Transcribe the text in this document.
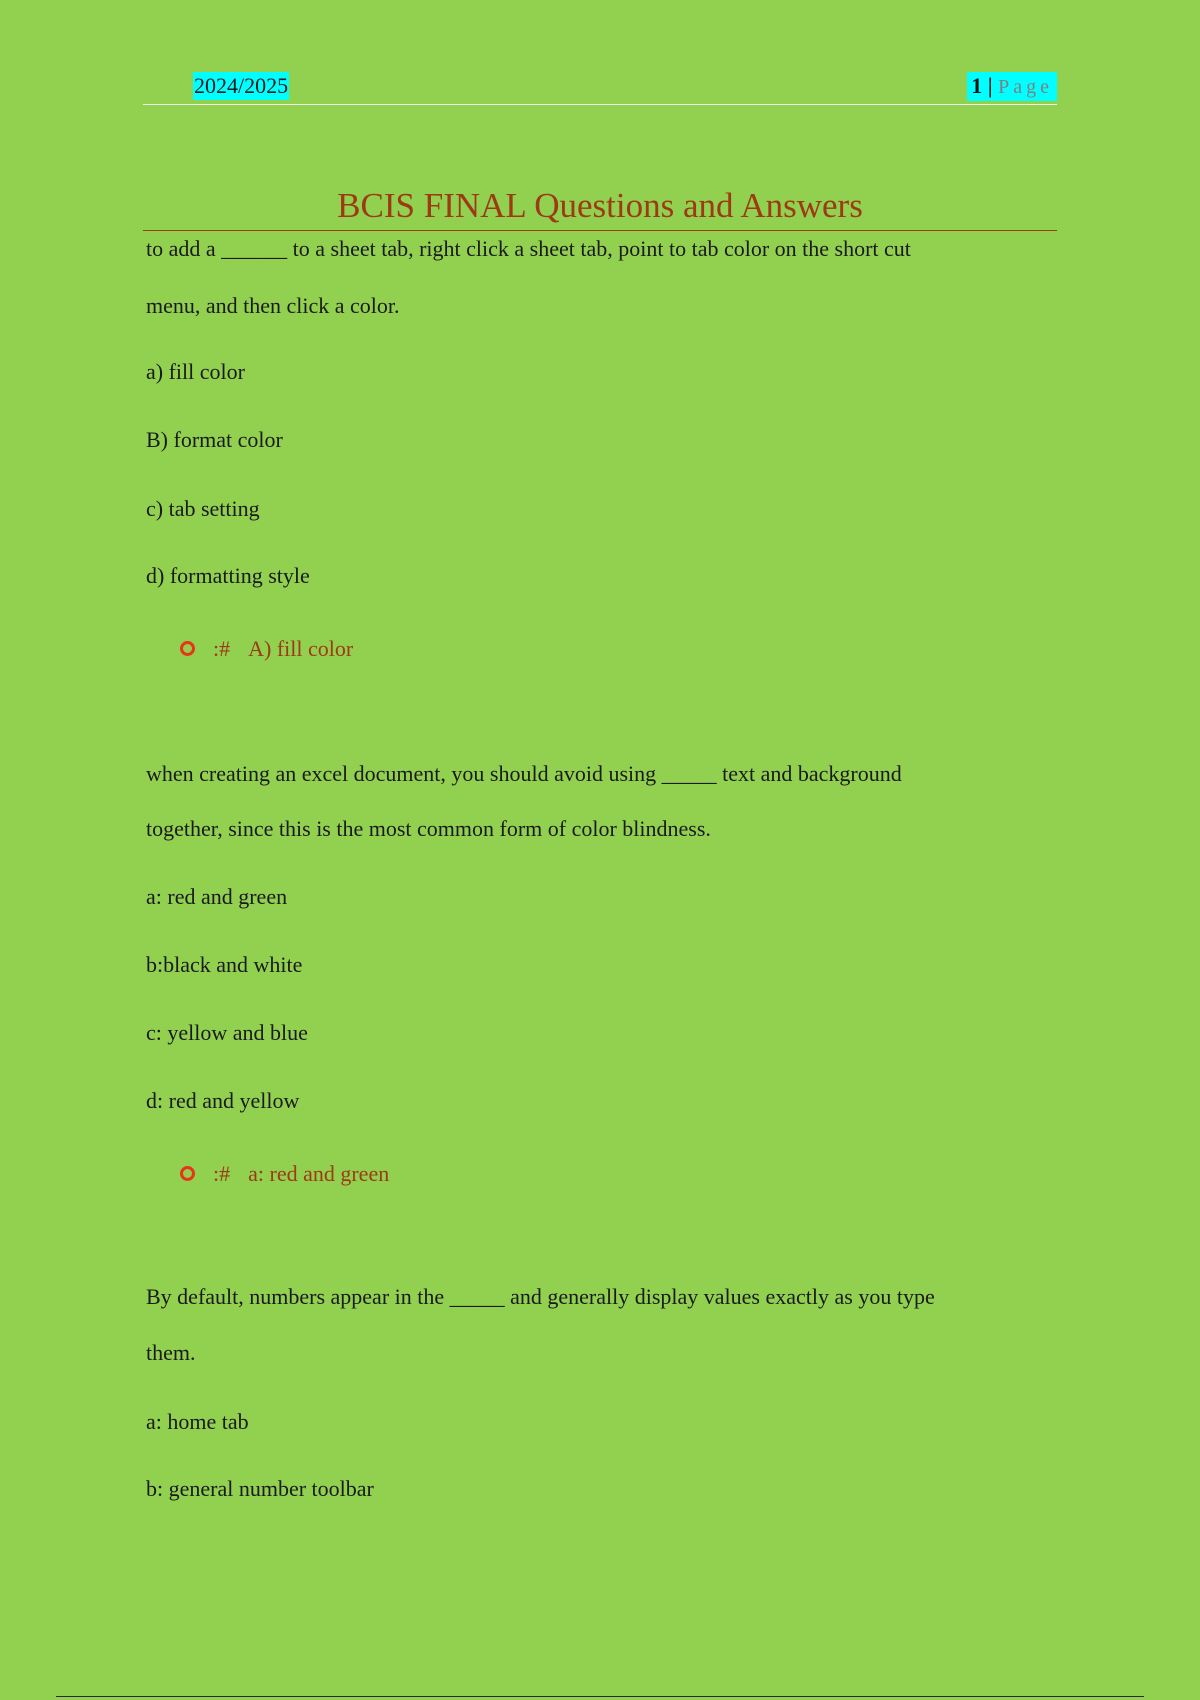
2024/2025	1 | Page
BCIS FINAL Questions and Answers
to add a ______ to a sheet tab, right click a sheet tab, point to tab color on the short cut
menu, and then click a color.
a) fill color
B) format color
c) tab setting
d) formatting style
:# A) fill color
when creating an excel document, you should avoid using _____ text and background
together, since this is the most common form of color blindness.
a: red and green
b:black and white
c: yellow and blue
d: red and yellow
:# a: red and green
By default, numbers appear in the _____ and generally display values exactly as you type
them.
a: home tab
b: general number toolbar
